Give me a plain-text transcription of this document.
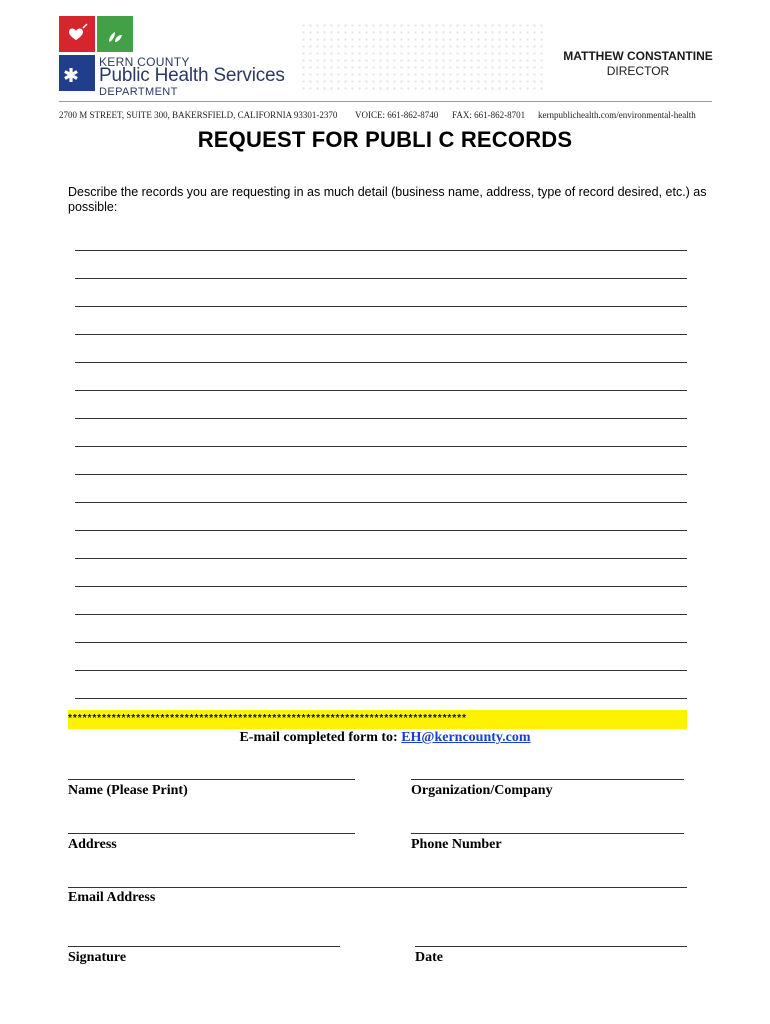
KERN COUNTY
Public Health Services
DEPARTMENT
MATTHEW CONSTANTINE
DIRECTOR
2700 M STREET, SUITE 300, BAKERSFIELD, CALIFORNIA 93301-2370 VOICE: 661-862-8740 FAX: 661-862-8701 kernpublichealth.com/environmental-health
REQUEST FOR PUBLI C RECORDS
Describe the records you are requesting in as much detail (business name, address, type of record desired, etc.) as possible:
**********************************************************************************
E-mail completed form to: EH@kerncounty.com
Name (Please Print)	Organization/Company
Address	Phone Number
Email Address
Signature	Date
